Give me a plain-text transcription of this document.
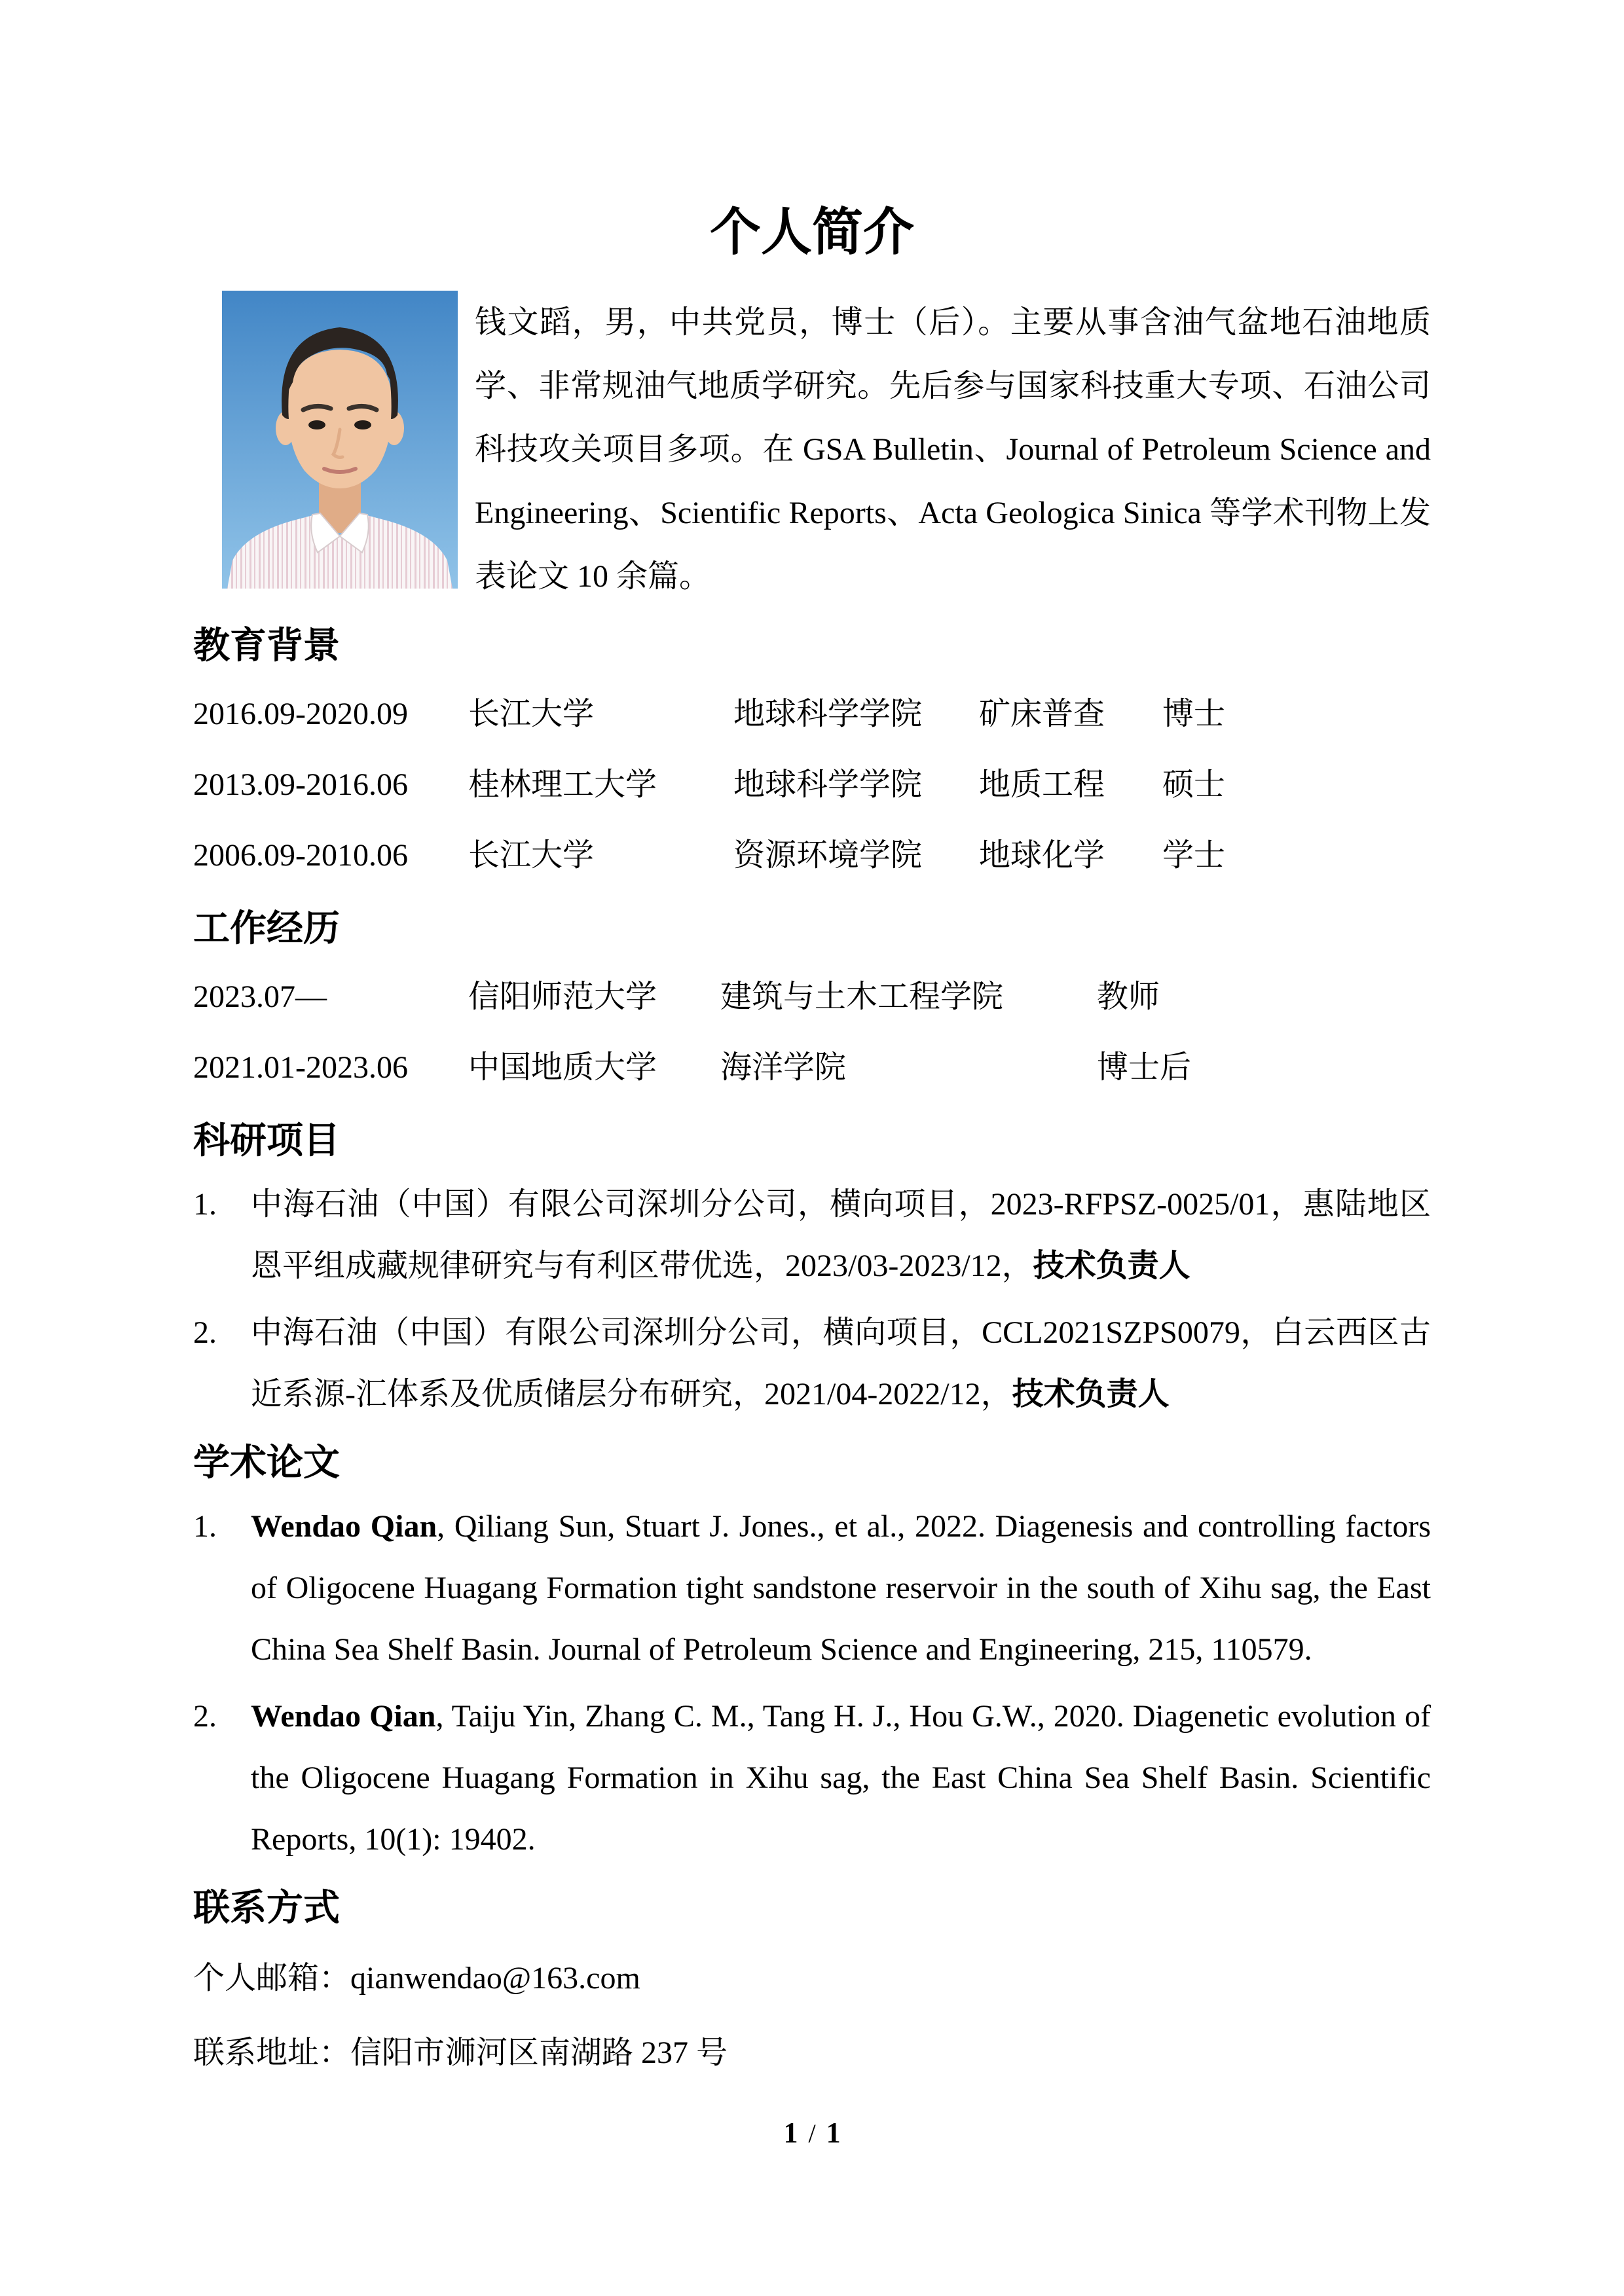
个人简介

钱文蹈，男，中共党员，博士（后）。主要从事含油气盆地石油地质学、非常规油气地质学研究。先后参与国家科技重大专项、石油公司科技攻关项目多项。在 GSA Bulletin、Journal of Petroleum Science and Engineering、Scientific Reports、Acta Geologica Sinica 等学术刊物上发表论文 10 余篇。

教育背景
2016.09-2020.09	长江大学	地球科学学院	矿床普查	博士
2013.09-2016.06	桂林理工大学	地球科学学院	地质工程	硕士
2006.09-2010.06	长江大学	资源环境学院	地球化学	学士
工作经历
2023.07—	信阳师范大学	建筑与土木工程学院	教师
2021.01-2023.06	中国地质大学	海洋学院	博士后
科研项目
1.	中海石油（中国）有限公司深圳分公司，横向项目，2023-RFPSZ-0025/01，惠陆地区恩平组成藏规律研究与有利区带优选，2023/03-2023/12，技术负责人
2.	中海石油（中国）有限公司深圳分公司，横向项目，CCL2021SZPS0079，白云西区古近系源-汇体系及优质储层分布研究，2021/04-2022/12，技术负责人
学术论文
1.	Wendao Qian, Qiliang Sun, Stuart J. Jones., et al., 2022. Diagenesis and controlling factors of Oligocene Huagang Formation tight sandstone reservoir in the south of Xihu sag, the East China Sea Shelf Basin. Journal of Petroleum Science and Engineering, 215, 110579.
2.	Wendao Qian, Taiju Yin, Zhang C. M., Tang H. J., Hou G.W., 2020. Diagenetic evolution of the Oligocene Huagang Formation in Xihu sag, the East China Sea Shelf Basin. Scientific Reports, 10(1): 19402.
联系方式
个人邮箱：qianwendao@163.com
联系地址：信阳市浉河区南湖路 237 号
1 / 1
